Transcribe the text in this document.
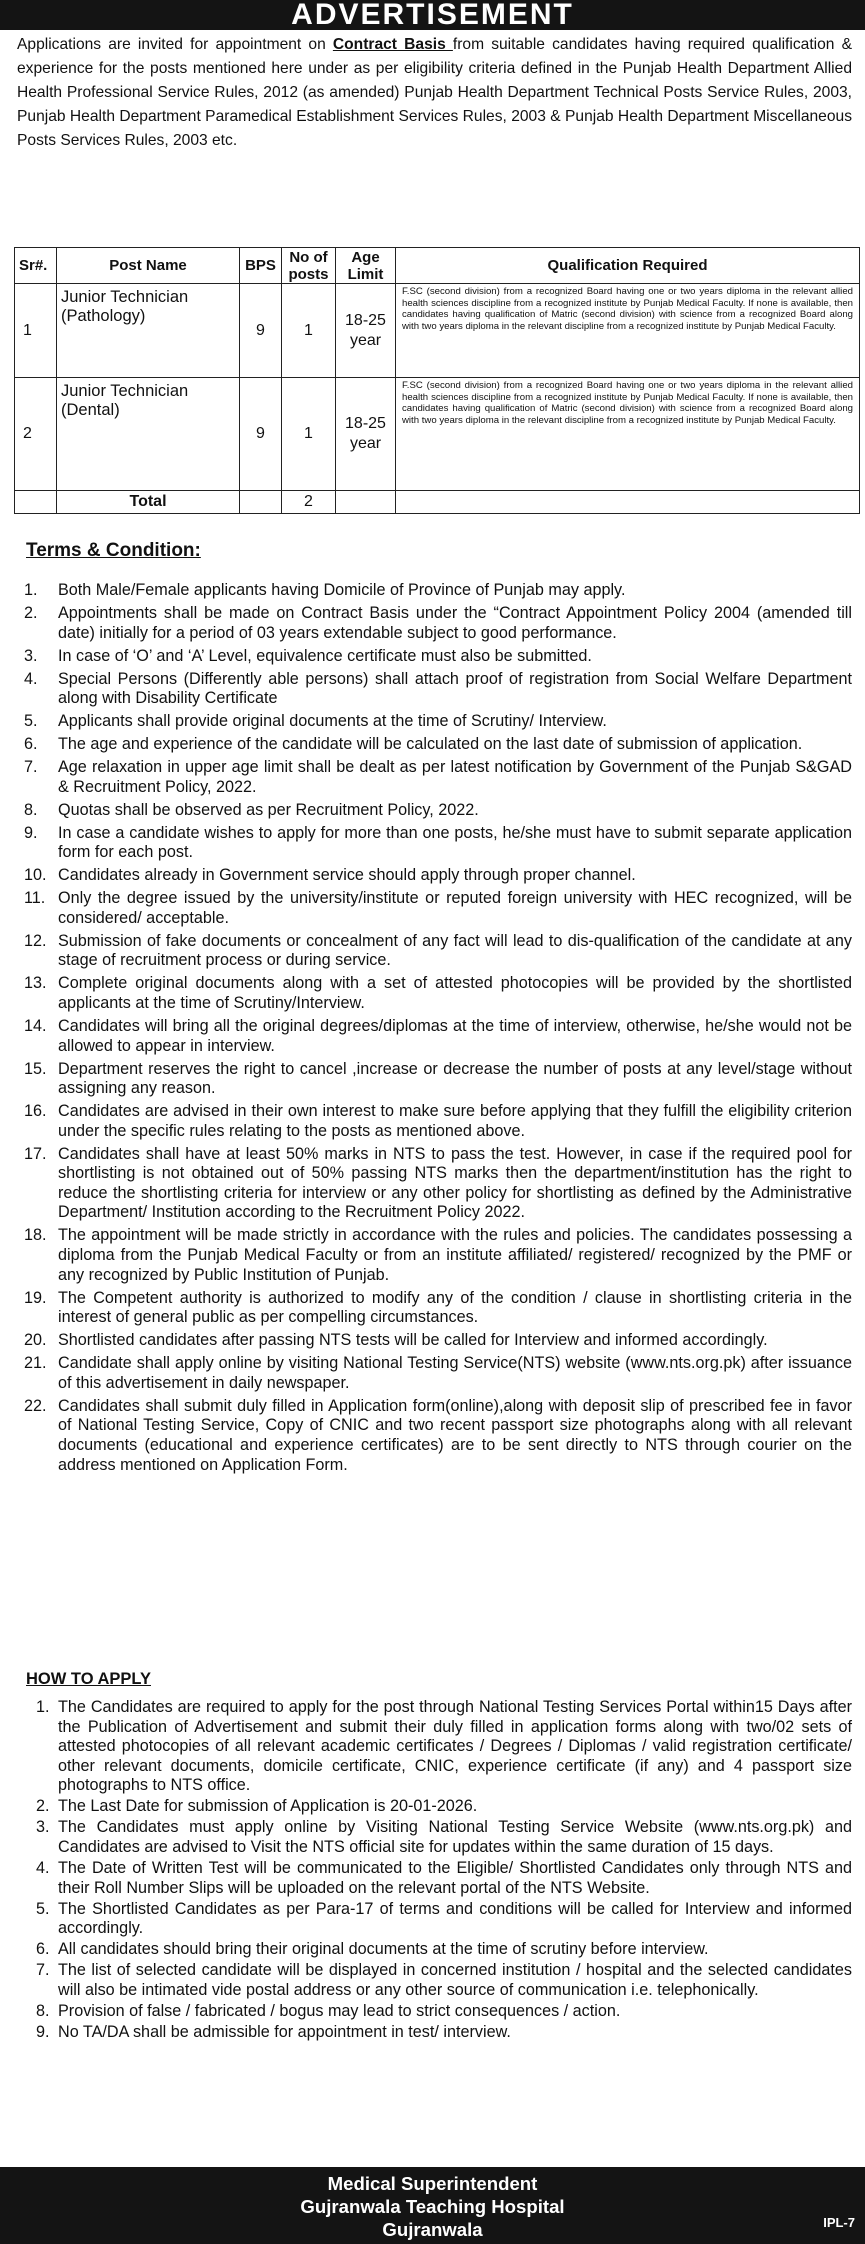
ADVERTISEMENT
Applications are invited for appointment on Contract Basis from suitable candidates having required qualification & experience for the posts mentioned here under as per eligibility criteria defined in the Punjab Health Department Allied Health Professional Service Rules, 2012 (as amended) Punjab Health Department Technical Posts Service Rules, 2003, Punjab Health Department Paramedical Establishment Services Rules, 2003 & Punjab Health Department Miscellaneous Posts Services Rules, 2003 etc.
Sr#.	Post Name	BPS	No of posts	Age Limit	Qualification Required
1	Junior Technician (Pathology)	9	1	18-25 year	F.SC (second division) from a recognized Board having one or two years diploma in the relevant allied health sciences discipline from a recognized institute by Punjab Medical Faculty. If none is available, then candidates having qualification of Matric (second division) with science from a recognized Board along with two years diploma in the relevant discipline from a recognized institute by Punjab Medical Faculty.
2	Junior Technician (Dental)	9	1	18-25 year	F.SC (second division) from a recognized Board having one or two years diploma in the relevant allied health sciences discipline from a recognized institute by Punjab Medical Faculty. If none is available, then candidates having qualification of Matric (second division) with science from a recognized Board along with two years diploma in the relevant discipline from a recognized institute by Punjab Medical Faculty.
	Total		2		
Terms & Condition:
1.	Both Male/Female applicants having Domicile of Province of Punjab may apply.
2.	Appointments shall be made on Contract Basis under the “Contract Appointment Policy 2004 (amended till date) initially for a period of 03 years extendable subject to good performance.
3.	In case of ‘O’ and ‘A’ Level, equivalence certificate must also be submitted.
4.	Special Persons (Differently able persons) shall attach proof of registration from Social Welfare Department along with Disability Certificate
5.	Applicants shall provide original documents at the time of Scrutiny/ Interview.
6.	The age and experience of the candidate will be calculated on the last date of submission of application.
7.	Age relaxation in upper age limit shall be dealt as per latest notification by Government of the Punjab S&GAD & Recruitment Policy, 2022.
8.	Quotas shall be observed as per Recruitment Policy, 2022.
9.	In case a candidate wishes to apply for more than one posts, he/she must have to submit separate application form for each post.
10. Candidates already in Government service should apply through proper channel.
11. Only the degree issued by the university/institute or reputed foreign university with HEC recognized, will be considered/ acceptable.
12. Submission of fake documents or concealment of any fact will lead to dis-qualification of the candidate at any stage of recruitment process or during service.
13. Complete original documents along with a set of attested photocopies will be provided by the shortlisted applicants at the time of Scrutiny/Interview.
14. Candidates will bring all the original degrees/diplomas at the time of interview, otherwise, he/she would not be allowed to appear in interview.
15. Department reserves the right to cancel ,increase or decrease the number of posts at any level/stage without assigning any reason.
16. Candidates are advised in their own interest to make sure before applying that they fulfill the eligibility criterion under the specific rules relating to the posts as mentioned above.
17. Candidates shall have at least 50% marks in NTS to pass the test. However, in case if the required pool for shortlisting is not obtained out of 50% passing NTS marks then the department/institution has the right to reduce the shortlisting criteria for interview or any other policy for shortlisting as defined by the Administrative Department/ Institution according to the Recruitment Policy 2022.
18. The appointment will be made strictly in accordance with the rules and policies. The candidates possessing a diploma from the Punjab Medical Faculty or from an institute affiliated/ registered/ recognized by the PMF or any recognized by Public Institution of Punjab.
19. The Competent authority is authorized to modify any of the condition / clause in shortlisting criteria in the interest of general public as per compelling circumstances.
20. Shortlisted candidates after passing NTS tests will be called for Interview and informed accordingly.
21. Candidate shall apply online by visiting National Testing Service(NTS) website (www.nts.org.pk) after issuance of this advertisement in daily newspaper.
22. Candidates shall submit duly filled in Application form(online),along with deposit slip of prescribed fee in favor of National Testing Service, Copy of CNIC and two recent passport size photographs along with all relevant documents (educational and experience certificates) are to be sent directly to NTS through courier on the address mentioned on Application Form.
HOW TO APPLY
1. The Candidates are required to apply for the post through National Testing Services Portal within15 Days after the Publication of Advertisement and submit their duly filled in application forms along with two/02 sets of attested photocopies of all relevant academic certificates / Degrees / Diplomas / valid registration certificate/ other relevant documents, domicile certificate, CNIC, experience certificate (if any) and 4 passport size photographs to NTS office.
2. The Last Date for submission of Application is 20-01-2026.
3. The Candidates must apply online by Visiting National Testing Service Website (www.nts.org.pk) and Candidates are advised to Visit the NTS official site for updates within the same duration of 15 days.
4. The Date of Written Test will be communicated to the Eligible/ Shortlisted Candidates only through NTS and their Roll Number Slips will be uploaded on the relevant portal of the NTS Website.
5. The Shortlisted Candidates as per Para-17 of terms and conditions will be called for Interview and informed accordingly.
6. All candidates should bring their original documents at the time of scrutiny before interview.
7. The list of selected candidate will be displayed in concerned institution / hospital and the selected candidates will also be intimated vide postal address or any other source of communication i.e. telephonically.
8. Provision of false / fabricated / bogus may lead to strict consequences / action.
9. No TA/DA shall be admissible for appointment in test/ interview.
Medical Superintendent
Gujranwala Teaching Hospital
Gujranwala	IPL-7
